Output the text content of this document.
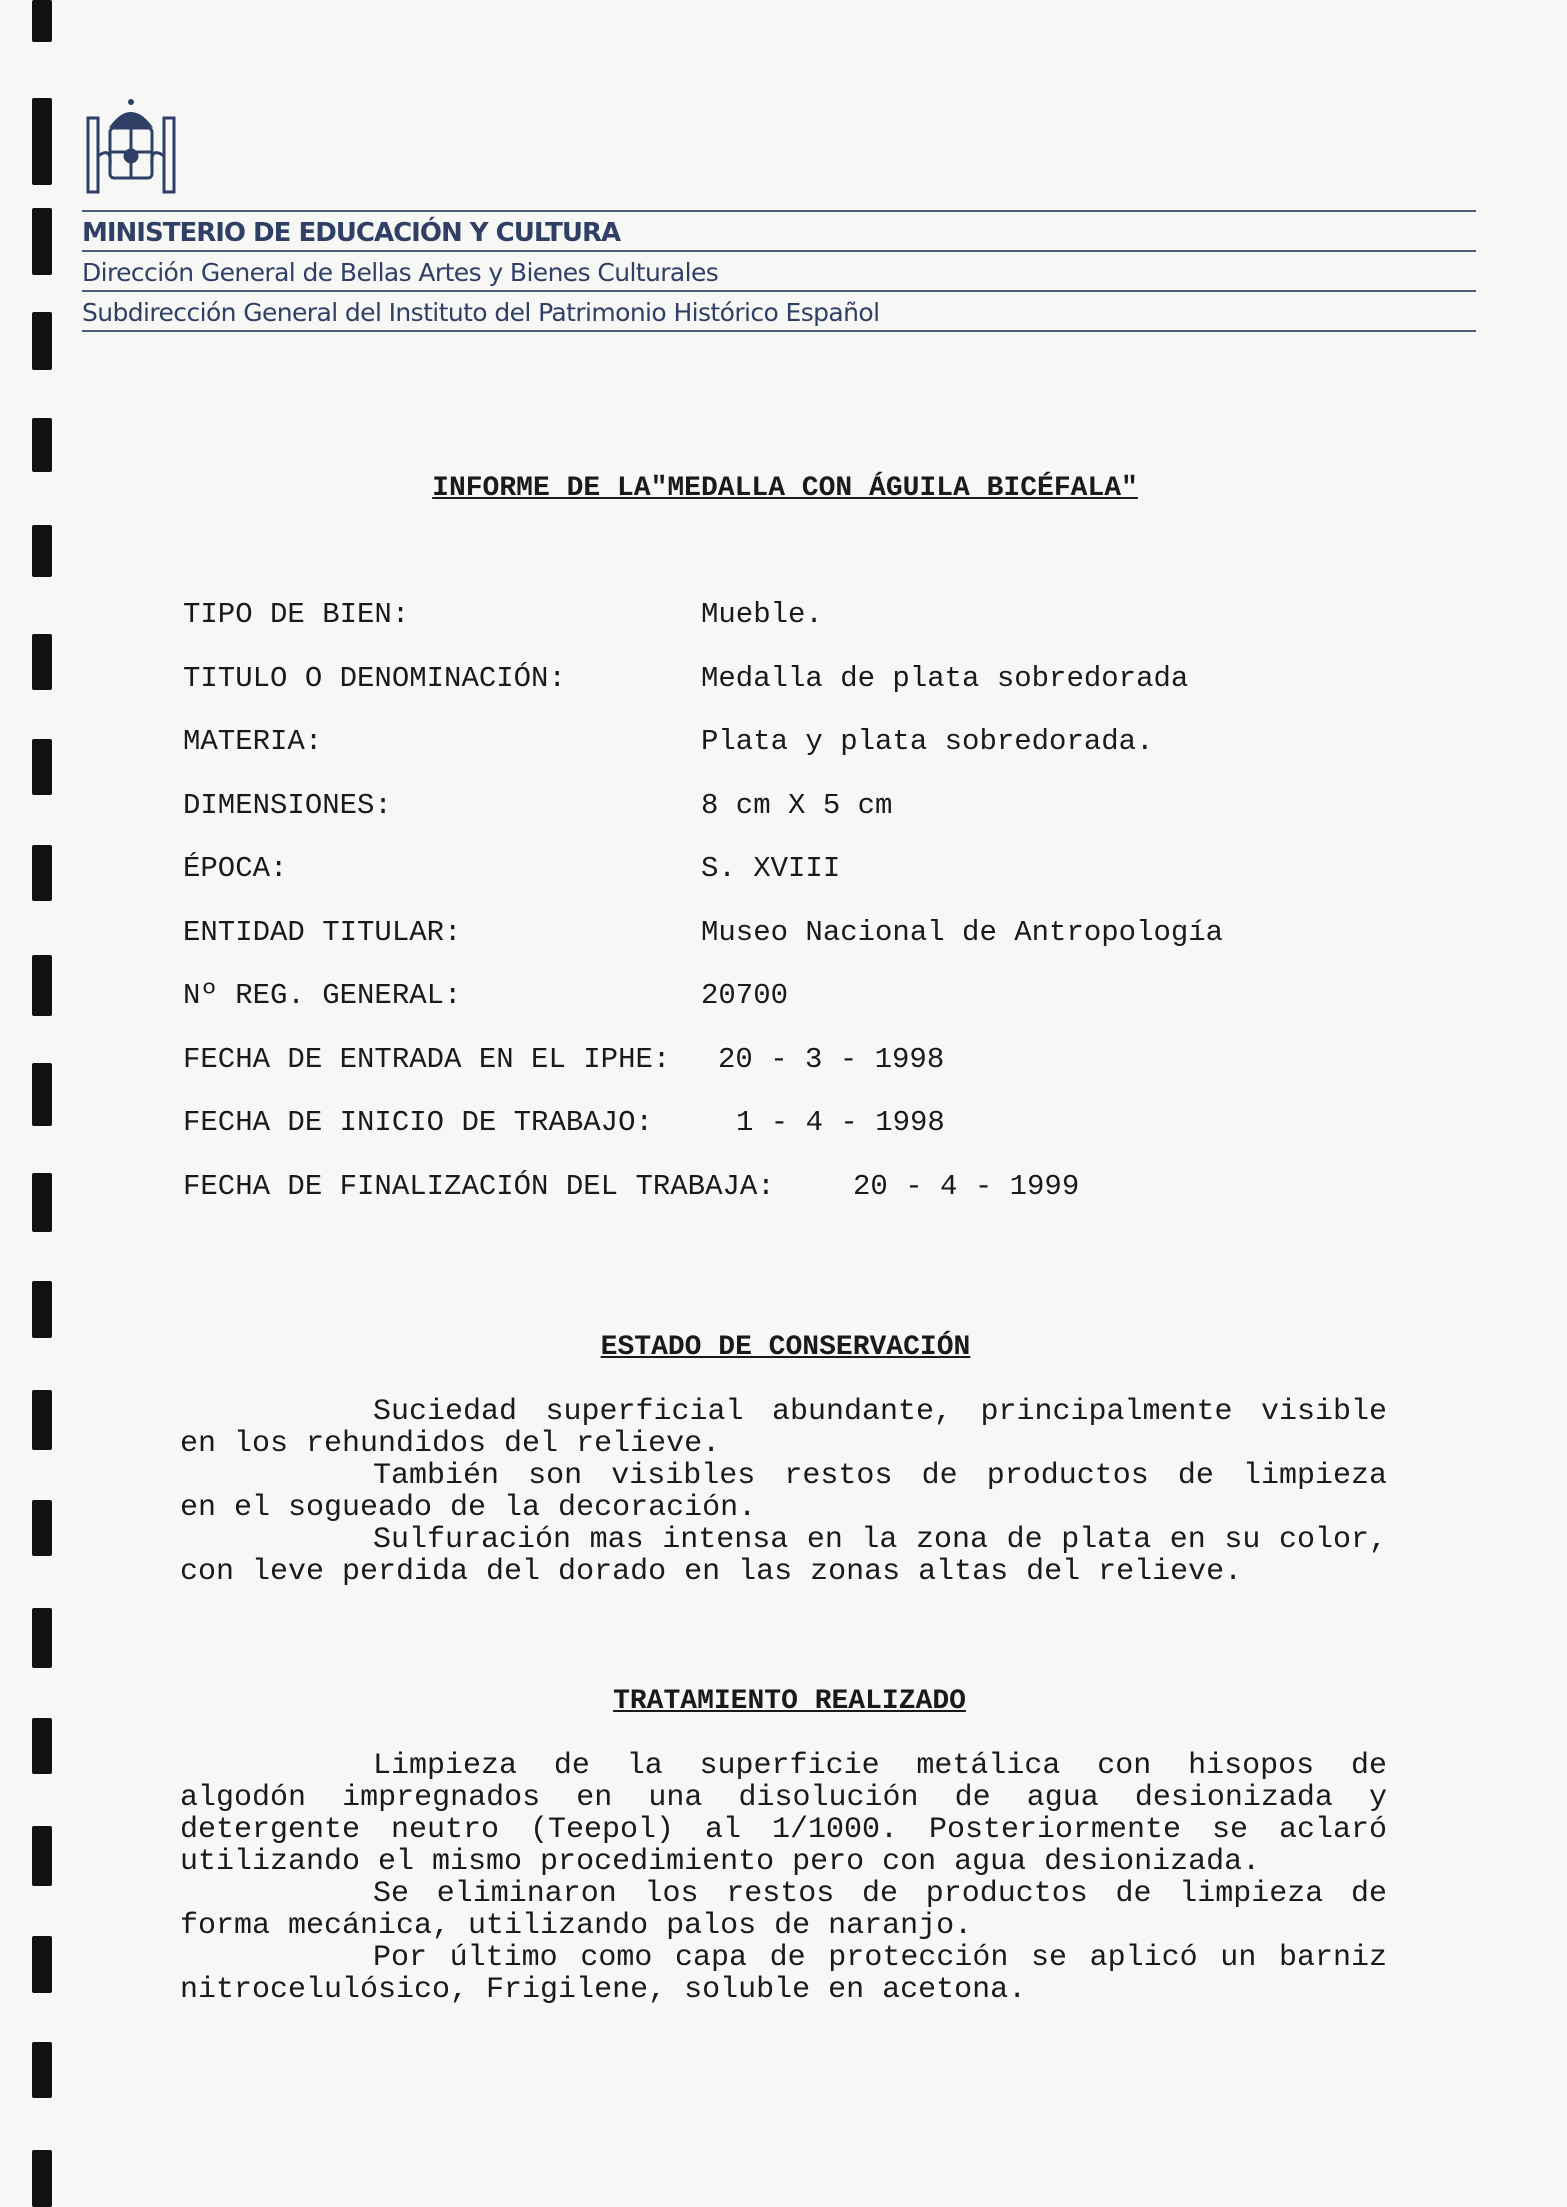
MINISTERIO DE EDUCACIÓN Y CULTURA
Dirección General de Bellas Artes y Bienes Culturales
Subdirección General del Instituto del Patrimonio Histórico Español
INFORME DE LA"MEDALLA CON ÁGUILA BICÉFALA"
TIPO DE BIEN:	Mueble.
TITULO O DENOMINACIÓN:	Medalla de plata sobredorada
MATERIA:	Plata y plata sobredorada.
DIMENSIONES:	8 cm X 5 cm
ÉPOCA:	S. XVIII
ENTIDAD TITULAR:	Museo Nacional de Antropología
Nº REG. GENERAL:	20700
FECHA DE ENTRADA EN EL IPHE: 20 - 3 - 1998
FECHA DE INICIO DE TRABAJO:	1 - 4 - 1998
FECHA DE FINALIZACIÓN DEL TRABAJA:	20 - 4 - 1999
ESTADO DE CONSERVACIÓN
Suciedad superficial abundante, principalmente visible
en los rehundidos del relieve.
También son visibles restos de productos de limpieza
en el sogueado de la decoración.
Sulfuración mas intensa en la zona de plata en su color,
con leve perdida del dorado en las zonas altas del relieve.
TRATAMIENTO REALIZADO
Limpieza de la superficie metálica con hisopos de
algodón impregnados en una disolución de agua desionizada y
detergente neutro (Teepol) al 1/1000. Posteriormente se aclaró
utilizando el mismo procedimiento pero con agua desionizada.
Se eliminaron los restos de productos de limpieza de
forma mecánica, utilizando palos de naranjo.
Por último como capa de protección se aplicó un barniz
nitrocelulósico, Frigilene, soluble en acetona.
